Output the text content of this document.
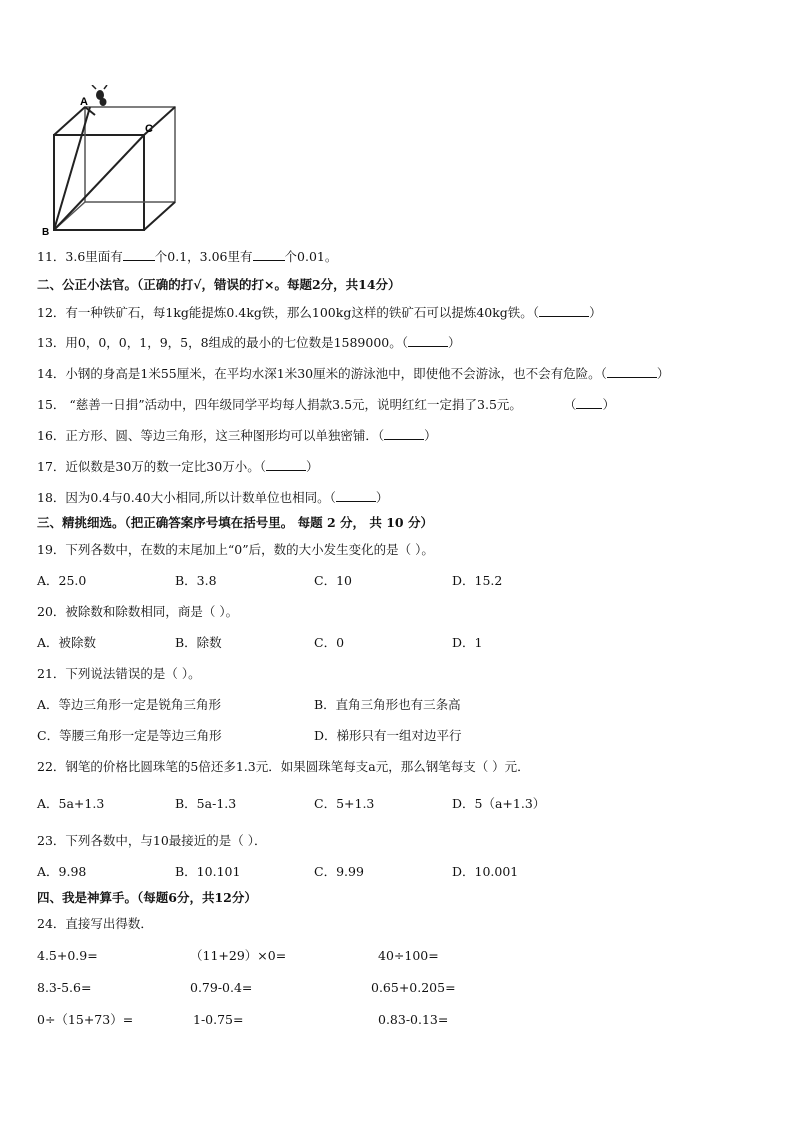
A
C
B
11．3.6里面有	个0.1，3.06里有	个0.01。
二、公正小法官。（正确的打√，错误的打×。每题2分，共14分）
12．有一种铁矿石，每1kg能提炼0.4kg铁，那么100kg这样的铁矿石可以提炼40kg铁。（	）
13．用0，0，0，1，9，5，8组成的最小的七位数是1589000。（	）
14．小钢的身高是1米55厘米，在平均水深1米30厘米的游泳池中，即使他不会游泳，也不会有危险。（	）
15． “慈善一日捐”活动中，四年级同学平均每人捐款3.5元，说明红红一定捐了3.5元。	（ ）
16．正方形、圆、等边三角形，这三种图形均可以单独密铺．（	）
17．近似数是30万的数一定比30万小。（	）
18．因为0.4与0.40大小相同,所以计数单位也相同。（	）
三、精挑细选。（把正确答案序号填在括号里。 每题 2 分， 共 10 分）
19．下列各数中，在数的末尾加上“0”后，数的大小发生变化的是（ ）。
A．25.0	B．3.8	C．10	D．15.2
20．被除数和除数相同，商是（ ）。
A．被除数	B．除数	C．0	D．1
21．下列说法错误的是（ ）。
A．等边三角形一定是锐角三角形	B．直角三角形也有三条高
C．等腰三角形一定是等边三角形	D．梯形只有一组对边平行
22．钢笔的价格比圆珠笔的5倍还多1.3元．如果圆珠笔每支a元，那么钢笔每支（ ）元．
A．5a+1.3	B．5a-1.3	C．5+1.3	D．5（a+1.3）
23．下列各数中，与10最接近的是（ ）．
A．9.98	B．10.101	C．9.99	D．10.001
四、我是神算手。（每题6分，共12分）
24．直接写出得数．
4.5+0.9=	（11+29）×0=	40÷100=
8.3-5.6=	0.79-0.4=	0.65+0.205=
0÷（15+73）=	1-0.75=	0.83-0.13=
